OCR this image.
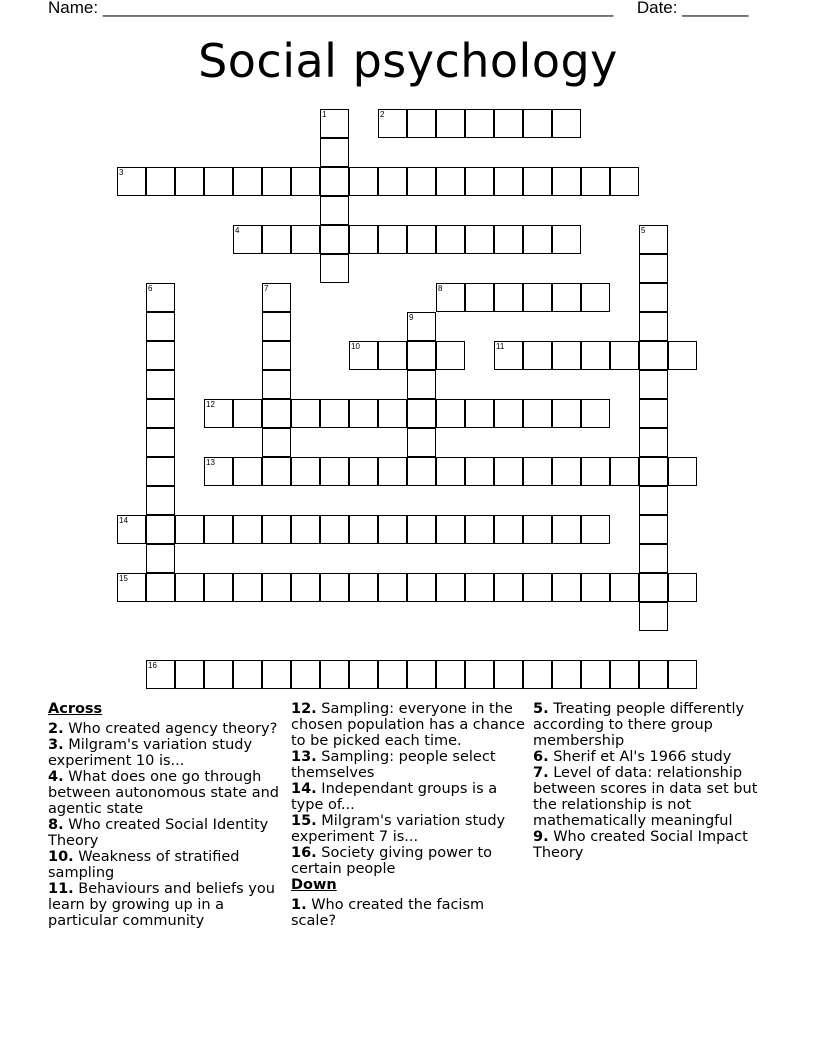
Name: ______________________________________________________ Date: _______
Social psychology
1	2
3
4	5
6	7	8
9
10	11
12
13
14
15
16
Across
2. Who created agency theory?
3. Milgram's variation study experiment 10 is...
4. What does one go through between autonomous state and agentic state
8. Who created Social Identity Theory
10. Weakness of stratified sampling
11. Behaviours and beliefs you learn by growing up in a particular community
12. Sampling: everyone in the chosen population has a chance to be picked each time.
13. Sampling: people select themselves
14. Independant groups is a type of...
15. Milgram's variation study experiment 7 is...
16. Society giving power to certain people
Down
1. Who created the facism scale?
5. Treating people differently according to there group membership
6. Sherif et Al's 1966 study
7. Level of data: relationship between scores in data set but the relationship is not mathematically meaningful
9. Who created Social Impact Theory
